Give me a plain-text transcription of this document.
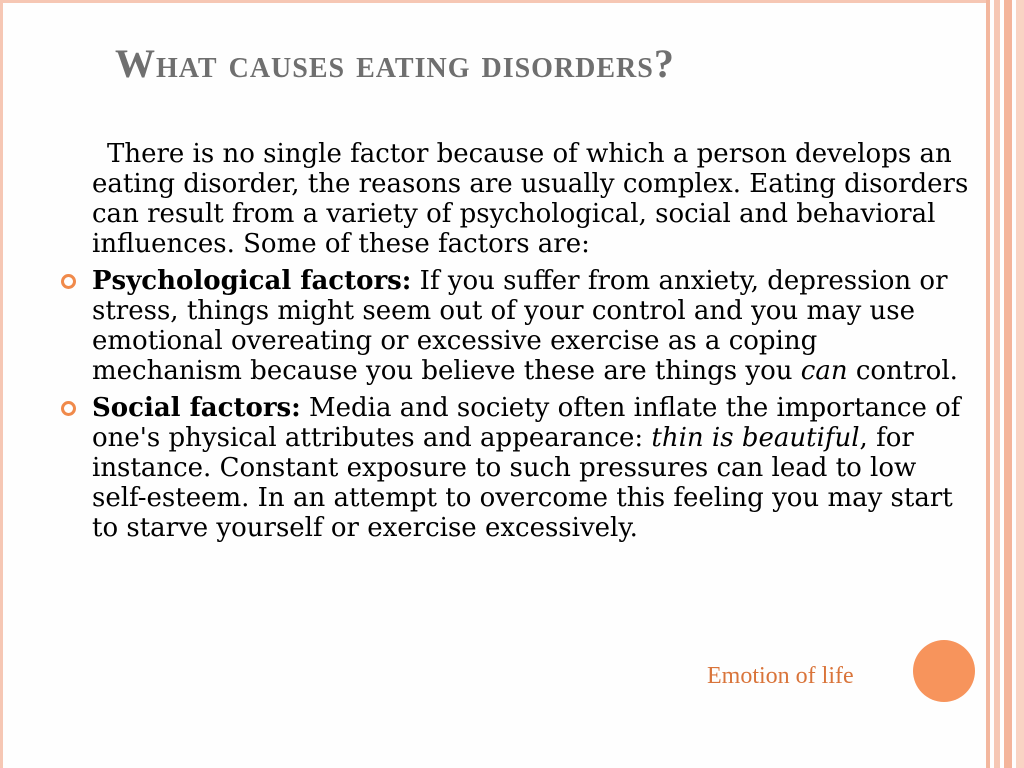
What causes eating disorders?

There is no single factor because of which a person develops an eating disorder, the reasons are usually complex. Eating disorders can result from a variety of psychological, social and behavioral influences. Some of these factors are:

Psychological factors: If you suffer from anxiety, depression or stress, things might seem out of your control and you may use emotional overeating or excessive exercise as a coping mechanism because you believe these are things you can control.

Social factors: Media and society often inflate the importance of one's physical attributes and appearance: thin is beautiful, for instance. Constant exposure to such pressures can lead to low self-esteem. In an attempt to overcome this feeling you may start to starve yourself or exercise excessively.

Emotion of life
